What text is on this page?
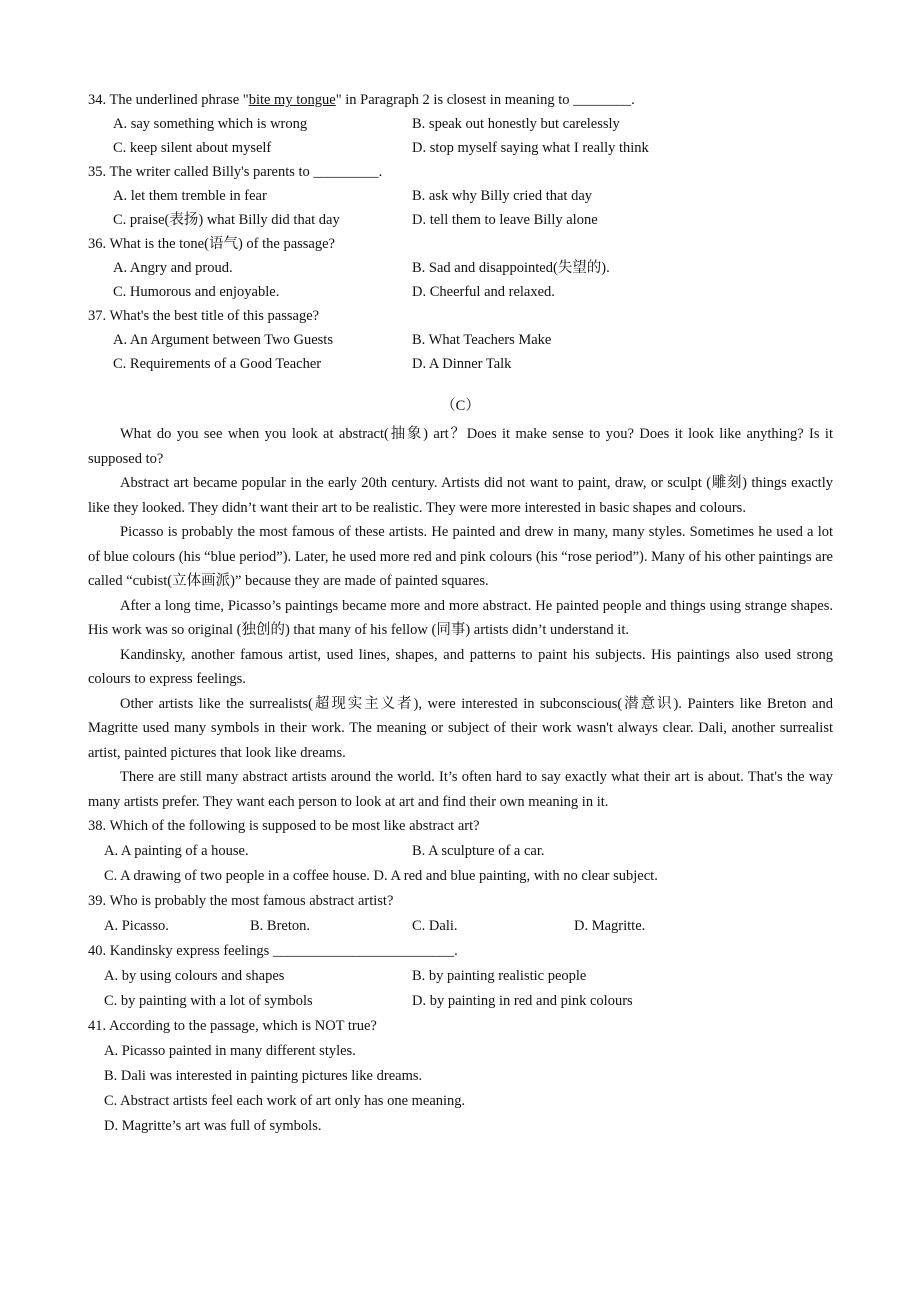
34. The underlined phrase "bite my tongue" in Paragraph 2 is closest in meaning to ________.
A. say something which is wrong	B. speak out honestly but carelessly
C. keep silent about myself	D. stop myself saying what I really think
35. The writer called Billy's parents to _________.
A. let them tremble in fear	B. ask why Billy cried that day
C. praise(表扬) what Billy did that day	D. tell them to leave Billy alone
36. What is the tone(语气) of the passage?
A. Angry and proud.	B. Sad and disappointed(失望的).
C. Humorous and enjoyable.	D. Cheerful and relaxed.
37. What's the best title of this passage?
A. An Argument between Two Guests	B. What Teachers Make
C. Requirements of a Good Teacher	D. A Dinner Talk
（C）

What do you see when you look at abstract(抽象) art？Does it make sense to you? Does it look like anything? Is it supposed to?

Abstract art became popular in the early 20th century. Artists did not want to paint, draw, or sculpt (雕刻) things exactly like they looked. They didn’t want their art to be realistic. They were more interested in basic shapes and colours.

Picasso is probably the most famous of these artists. He painted and drew in many, many styles. Sometimes he used a lot of blue colours (his “blue period”). Later, he used more red and pink colours (his “rose period”). Many of his other paintings are called “cubist(立体画派)” because they are made of painted squares.

After a long time, Picasso’s paintings became more and more abstract. He painted people and things using strange shapes. His work was so original (独创的) that many of his fellow (同事) artists didn’t understand it.

Kandinsky, another famous artist, used lines, shapes, and patterns to paint his subjects. His paintings also used strong colours to express feelings.

Other artists like the surrealists(超现实主义者), were interested in subconscious(潜意识). Painters like Breton and Magritte used many symbols in their work. The meaning or subject of their work wasn't always clear. Dali, another surrealist artist, painted pictures that look like dreams.

There are still many abstract artists around the world. It’s often hard to say exactly what their art is about. That's the way many artists prefer. They want each person to look at art and find their own meaning in it.

38. Which of the following is supposed to be most like abstract art?
A. A painting of a house.	B. A sculpture of a car.
C. A drawing of two people in a coffee house. D. A red and blue painting, with no clear subject.
39. Who is probably the most famous abstract artist?
A. Picasso.	B. Breton.	C. Dali.	D. Magritte.
40. Kandinsky express feelings _________________________.
A. by using colours and shapes	B. by painting realistic people
C. by painting with a lot of symbols	D. by painting in red and pink colours
41. According to the passage, which is NOT true?
A. Picasso painted in many different styles.
B. Dali was interested in painting pictures like dreams.
C. Abstract artists feel each work of art only has one meaning.
D. Magritte’s art was full of symbols.
